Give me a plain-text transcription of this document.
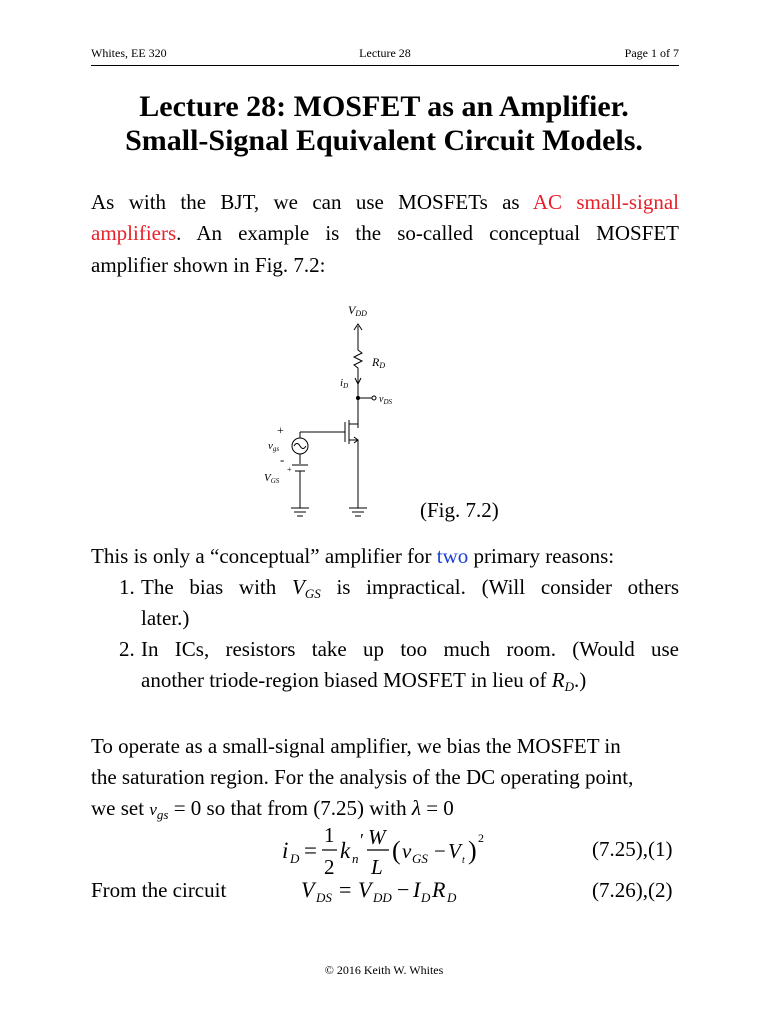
Whites, EE 320	Lecture 28	Page 1 of 7
Lecture 28: MOSFET as an Amplifier.
Small-Signal Equivalent Circuit Models.
As with the BJT, we can use MOSFETs as AC small-signal
amplifiers. An example is the so-called conceptual MOSFET
amplifier shown in Fig. 7.2:
VDD
RD
iD
$v_{DS}$
vgs
VGS
+
-
+
(Fig. 7.2)
This is only a “conceptual” amplifier for two primary reasons:
1. The bias with $V_{GS}$ is impractical. (Will consider others
later.)
2. In ICs, resistors take up too much room. (Would use
another triode-region biased MOSFET in lieu of $R_D$.)
To operate as a small-signal amplifier, we bias the MOSFET in
the saturation region. For the analysis of the DC operating point,
we set $v_{gs} = 0$ so that from (7.25) with λ = 0
i D =
1
2
k n
′ W
L
( v GS − V t ) 2	(7.25),(1)
From the circuit	V DS = V DD − I D R D	(7.26),(2)
© 2016 Keith W. Whites
